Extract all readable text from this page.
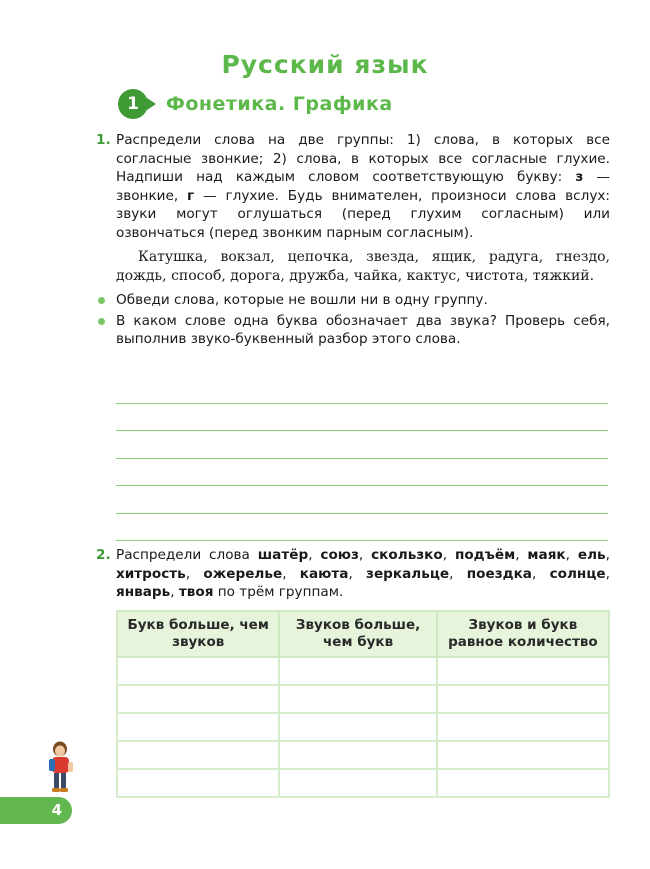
Русский язык
1	Фонетика. Графика
1. Распредели слова на две группы: 1) слова, в которых все согласные звонкие; 2) слова, в которых все согласные глухие. Надпиши над каждым словом соответствующую букву: з — звонкие, г — глухие. Будь внимателен, произноси слова вслух: звуки могут оглушаться (перед глухим согласным) или озвончаться (перед звонким парным согласным).
Катушка, вокзал, цепочка, звезда, ящик, радуга, гнездо, дождь, способ, дорога, дружба, чайка, кактус, чистота, тяжкий.
Обведи слова, которые не вошли ни в одну группу.
В каком слове одна буква обозначает два звука? Проверь себя, выполнив звуко-буквенный разбор этого слова.
2. Распредели слова шатёр, союз, скользко, подъём, маяк, ель, хитрость, ожерелье, каюта, зеркальце, поездка, солнце, январь, твоя по трём группам.
Букв больше, чем звуков	Звуков больше, чем букв	Звуков и букв равное количество

4
